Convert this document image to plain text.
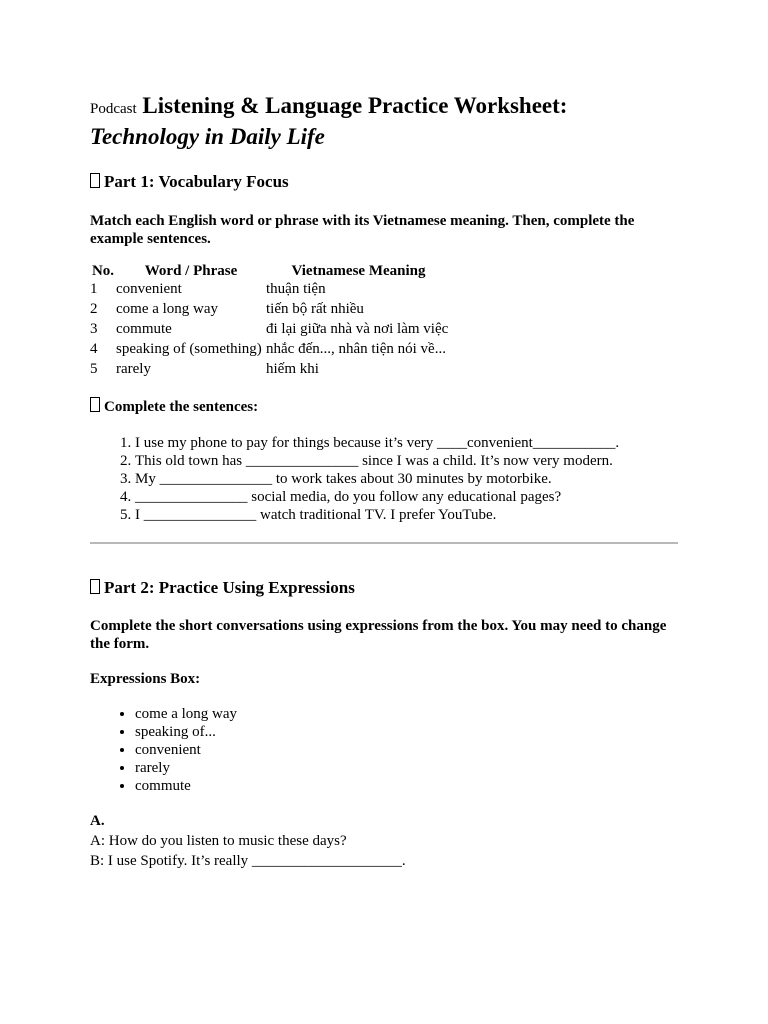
Podcast Listening & Language Practice Worksheet: Technology in Daily Life
Part 1: Vocabulary Focus

Match each English word or phrase with its Vietnamese meaning. Then, complete the example sentences.

No.	Word / Phrase	Vietnamese Meaning
1	convenient	thuận tiện
2	come a long way	tiến bộ rất nhiều
3	commute	đi lại giữa nhà và nơi làm việc
4	speaking of (something)	nhắc đến..., nhân tiện nói về...
5	rarely	hiếm khi

Complete the sentences:

1. I use my phone to pay for things because it’s very ____convenient___________.
2. This old town has _______________ since I was a child. It’s now very modern.
3. My _______________ to work takes about 30 minutes by motorbike.
4. _______________ social media, do you follow any educational pages?
5. I _______________ watch traditional TV. I prefer YouTube.
Part 2: Practice Using Expressions

Complete the short conversations using expressions from the box. You may need to change the form.

Expressions Box:

• come a long way
• speaking of...
• convenient
• rarely
• commute
A.
A: How do you listen to music these days?
B: I use Spotify. It’s really ____________________.
